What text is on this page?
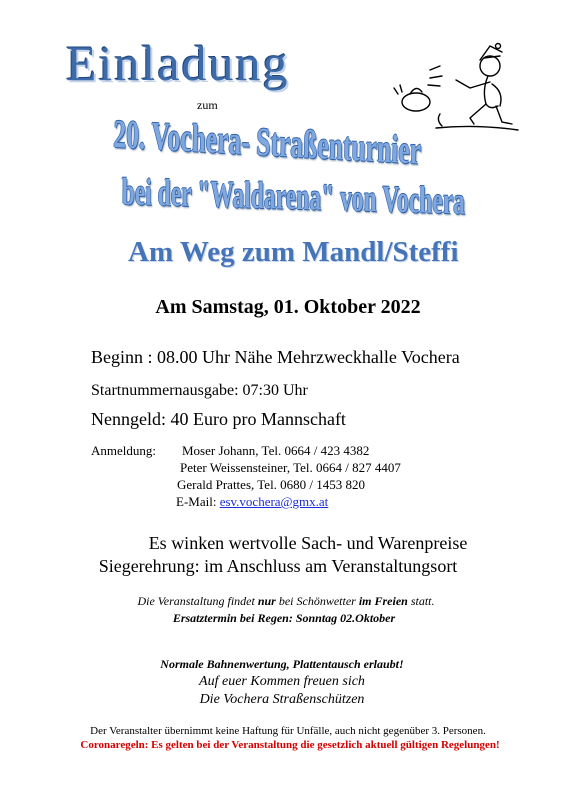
Einladung
zum
20. Vochera- Straßenturnier
bei der "Waldarena" von Vochera
Am Weg zum Mandl/Steffi
Am Samstag, 01. Oktober 2022
Beginn : 08.00 Uhr Nähe Mehrzweckhalle Vochera
Startnummernausgabe: 07:30 Uhr
Nenngeld: 40 Euro pro Mannschaft
Anmeldung: Moser Johann, Tel. 0664 / 423 4382
Peter Weissensteiner, Tel. 0664 / 827 4407
Gerald Prattes, Tel. 0680 / 1453 820
E-Mail: esv.vochera@gmx.at
Es winken wertvolle Sach- und Warenpreise
Siegerehrung: im Anschluss am Veranstaltungsort
Die Veranstaltung findet nur bei Schönwetter im Freien statt.
Ersatztermin bei Regen: Sonntag 02.Oktober
Normale Bahnenwertung, Plattentausch erlaubt!
Auf euer Kommen freuen sich
Die Vochera Straßenschützen
Der Veranstalter übernimmt keine Haftung für Unfälle, auch nicht gegenüber 3. Personen.
Coronaregeln: Es gelten bei der Veranstaltung die gesetzlich aktuell gültigen Regelungen!
